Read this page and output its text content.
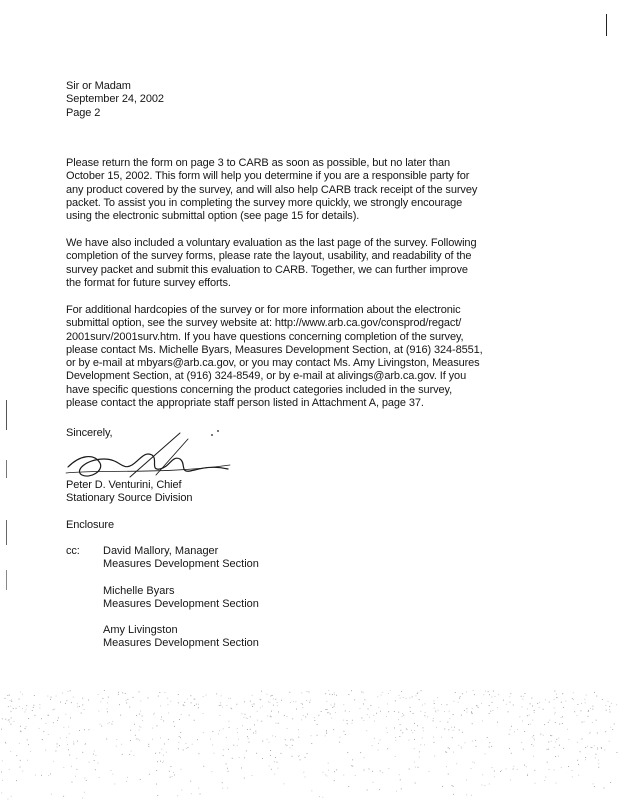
Sir or Madam
September 24, 2002
Page 2
Please return the form on page 3 to CARB as soon as possible, but no later than
October 15, 2002. This form will help you determine if you are a responsible party for
any product covered by the survey, and will also help CARB track receipt of the survey
packet. To assist you in completing the survey more quickly, we strongly encourage
using the electronic submittal option (see page 15 for details).
We have also included a voluntary evaluation as the last page of the survey. Following
completion of the survey forms, please rate the layout, usability, and readability of the
survey packet and submit this evaluation to CARB. Together, we can further improve
the format for future survey efforts.
For additional hardcopies of the survey or for more information about the electronic
submittal option, see the survey website at: http://www.arb.ca.gov/consprod/regact/
2001surv/2001surv.htm. If you have questions concerning completion of the survey,
please contact Ms. Michelle Byars, Measures Development Section, at (916) 324-8551,
or by e-mail at mbyars@arb.ca.gov, or you may contact Ms. Amy Livingston, Measures
Development Section, at (916) 324-8549, or by e-mail at alivings@arb.ca.gov. If you
have specific questions concerning the product categories included in the survey,
please contact the appropriate staff person listed in Attachment A, page 37.
Sincerely,
Peter D. Venturini, Chief
Stationary Source Division
Enclosure
cc: David Mallory, Manager
Measures Development Section
Michelle Byars
Measures Development Section
Amy Livingston
Measures Development Section
